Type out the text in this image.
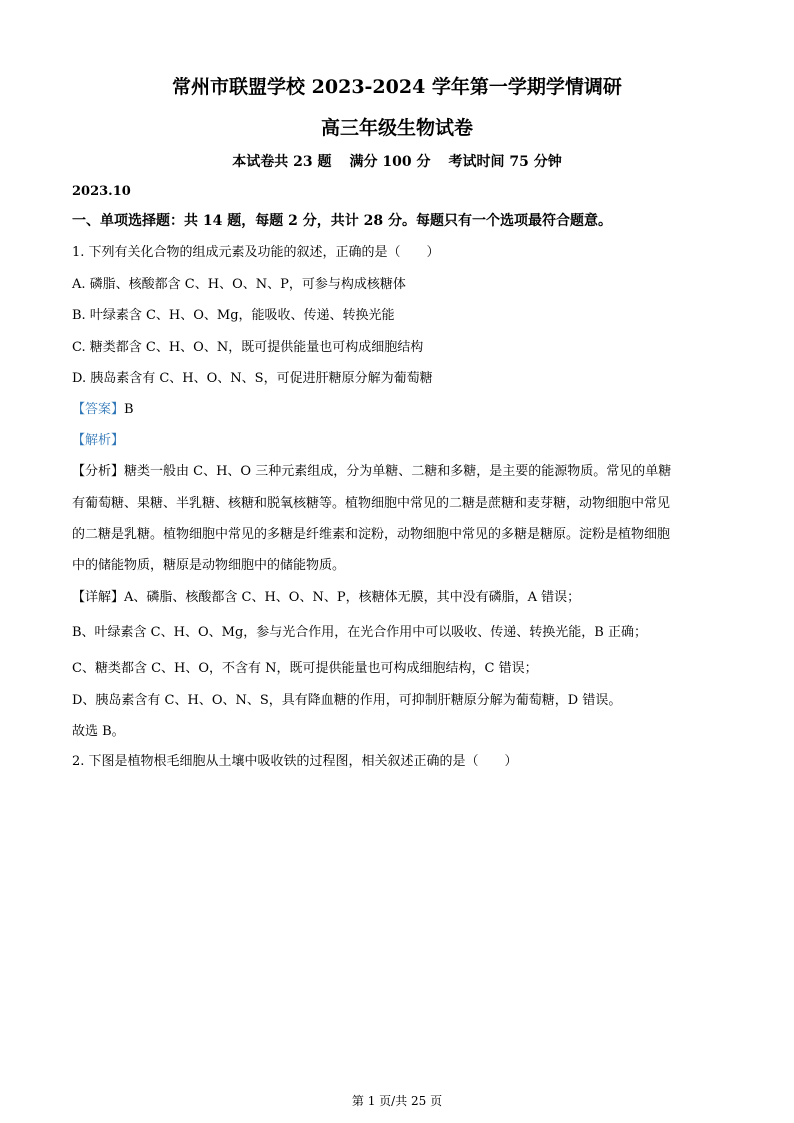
常州市联盟学校 2023-2024 学年第一学期学情调研
高三年级生物试卷
本试卷共 23 题 满分 100 分 考试时间 75 分钟
2023.10
一、单项选择题：共 14 题，每题 2 分，共计 28 分。每题只有一个选项最符合题意。
1. 下列有关化合物的组成元素及功能的叙述，正确的是（　　）
A. 磷脂、核酸都含 C、H、O、N、P，可参与构成核糖体
B. 叶绿素含 C、H、O、Mg，能吸收、传递、转换光能
C. 糖类都含 C、H、O、N，既可提供能量也可构成细胞结构
D. 胰岛素含有 C、H、O、N、S，可促进肝糖原分解为葡萄糖
【答案】B
【解析】
【分析】糖类一般由 C、H、O 三种元素组成，分为单糖、二糖和多糖，是主要的能源物质。常见的单糖
有葡萄糖、果糖、半乳糖、核糖和脱氧核糖等。植物细胞中常见的二糖是蔗糖和麦芽糖，动物细胞中常见
的二糖是乳糖。植物细胞中常见的多糖是纤维素和淀粉，动物细胞中常见的多糖是糖原。淀粉是植物细胞
中的储能物质，糖原是动物细胞中的储能物质。
【详解】A、磷脂、核酸都含 C、H、O、N、P，核糖体无膜，其中没有磷脂，A 错误；
B、叶绿素含 C、H、O、Mg，参与光合作用，在光合作用中可以吸收、传递、转换光能，B 正确；
C、糖类都含 C、H、O，不含有 N，既可提供能量也可构成细胞结构，C 错误；
D、胰岛素含有 C、H、O、N、S，具有降血糖的作用，可抑制肝糖原分解为葡萄糖，D 错误。
故选 B。
2. 下图是植物根毛细胞从土壤中吸收铁的过程图，相关叙述正确的是（　　）
第 1 页/共 25 页
